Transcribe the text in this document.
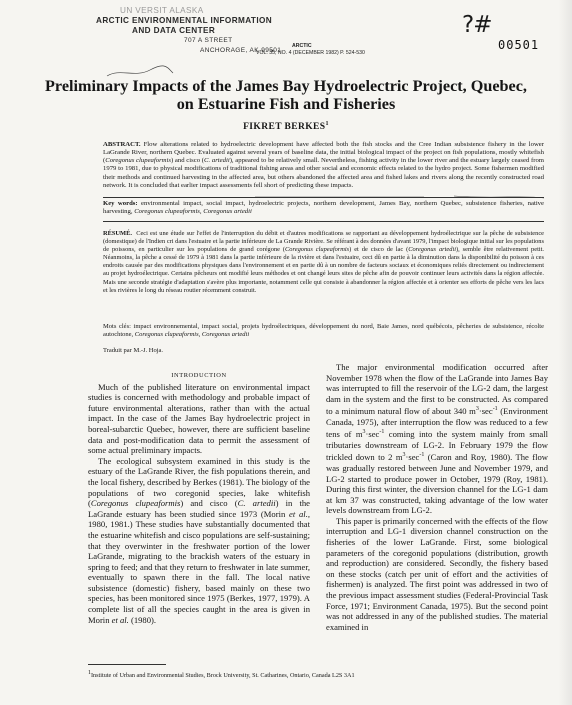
UN VERSIT ALASKA
ARCTIC ENVIRONMENTAL INFORMATION
AND DATA CENTER
707 A STREET
ANCHORAGE, AK 99501
ARCTIC
VOL. 35, NO. 4 (DECEMBER 1982) P. 524-530
?#
00501
Preliminary Impacts of the James Bay Hydroelectric Project, Quebec,
on Estuarine Fish and Fisheries
FIKRET BERKES$^1$
ABSTRACT. Flow alterations related to hydroelectric development have affected both the fish stocks and the Cree Indian subsistence fishery in the lower LaGrande River, northern Quebec. Evaluated against several years of baseline data, the initial biological impact of the project on fish populations, mostly whitefish (Coregonus clupeaformis) and cisco (C. artedii), appeared to be relatively small. Nevertheless, fishing activity in the lower river and the estuary largely ceased from 1979 to 1981, due to physical modifications of traditional fishing areas and other social and economic effects related to the hydro project. Some fishermen modified their methods and continued harvesting in the affected area, but others abandoned the affected area and fished lakes and rivers along the recently constructed road network. It is concluded that earlier impact assessments fell short of predicting these impacts.
Key words: environmental impact, social impact, hydroelectric projects, northern development, James Bay, northern Quebec, subsistence fisheries, native harvesting, Coregonus clupeaformis, Coregonus artedii
RÉSUMÉ. Ceci est une étude sur l'effet de l'interruption du débit et d'autres modifications se rapportant au développement hydroélectrique sur la pêche de subsistence (domestique) de l'Indien cri dans l'estuaire et la partie inférieure de La Grande Rivière. Se référant à des données d'avant 1979, l'impact biologique initial sur les populations de poissons, en particulier sur les populations de grand corégone (Coregonus clupeaformis) et de cisco de lac (Coregonus artedii), semble être relativement petit. Néanmoins, la pêche a cessé de 1979 à 1981 dans la partie inférieure de la rivière et dans l'estuaire, ceci dû en partie à la diminution dans la disponibilité du poisson à ces endroits causée par des modifications physiques dans l'environnement et en partie dû à un nombre de facteurs sociaux et économiques reliés directement ou indirectement au projet hydroélectrique. Certains pêcheurs ont modifié leurs méthodes et ont changé leurs sites de pêche afin de pouvoir continuer leurs activités dans la région affectée. Mais une seconde stratégie d'adaptation s'avère plus importante, notamment celle qui consiste à abandonner la région affectée et à orienter ses efforts de pêche vers les lacs et les rivières le long du réseau routier récemment construit.
Mots clés: impact environnemental, impact social, projets hydroélectriques, développement du nord, Baie James, nord québécois, pêcheries de subsistence, récolte autochtone, Coregonus clupeaformis, Coregonus artedii
Traduit par M.-J. Hoja.

INTRODUCTION

Much of the published literature on environmental impact studies is concerned with methodology and probable impact of future environmental alterations, rather than with the actual impact. In the case of the James Bay hydroelectric project in boreal-subarctic Quebec, however, there are sufficient baseline data and post-modification data to permit the assessment of some actual preliminary impacts.

The ecological subsystem examined in this study is the estuary of the LaGrande River, the fish populations therein, and the local fishery, described by Berkes (1981). The biology of the populations of two coregonid species, lake whitefish (Coregonus clupeaformis) and cisco (C. artedii) in the LaGrande estuary has been studied since 1973 (Morin et al., 1980, 1981.) These studies have substantially documented that the estuarine whitefish and cisco populations are self-sustaining; that they overwinter in the freshwater portion of the lower LaGrande, migrating to the brackish waters of the estuary in spring to feed; and that they return to freshwater in late summer, eventually to spawn there in the fall. The local native subsistence (domestic) fishery, based mainly on these two species, has been monitored since 1975 (Berkes, 1977, 1979). A complete list of all the species caught in the area is given in Morin et al. (1980).

The major environmental modification occurred after November 1978 when the flow of the LaGrande into James Bay was interrupted to fill the reservoir of the LG-2 dam, the largest dam in the system and the first to be constructed. As compared to a minimum natural flow of about 340 $m^3\cdot\sec^{-1}$ (Environment Canada, 1975), after interruption the flow was reduced to a few tens of $m^3\cdot\sec^{-1}$ coming into the system mainly from small tributaries downstream of LG-2. In February 1979 the flow trickled down to 2 $m^3\cdot\sec^{-1}$ (Caron and Roy, 1980). The flow was gradually restored between June and November 1979, and LG-2 started to produce power in October, 1979 (Roy, 1981). During this first winter, the diversion channel for the LG-1 dam at km 37 was constructed, taking advantage of the low water levels downstream from LG-2.

This paper is primarily concerned with the effects of the flow interruption and LG-1 diversion channel construction on the fisheries of the lower LaGrande. First, some biological parameters of the coregonid populations (distribution, growth and reproduction) are considered. Secondly, the fishery based on these stocks (catch per unit of effort and the activities of fishermen) is analyzed. The first point was addressed in two of the previous impact assessment studies (Federal-Provincial Task Force, 1971; Environment Canada, 1975). But the second point was not addressed in any of the published studies. The material examined in

1Institute of Urban and Environmental Studies, Brock University, St. Catharines, Ontario, Canada L2S 3A1
